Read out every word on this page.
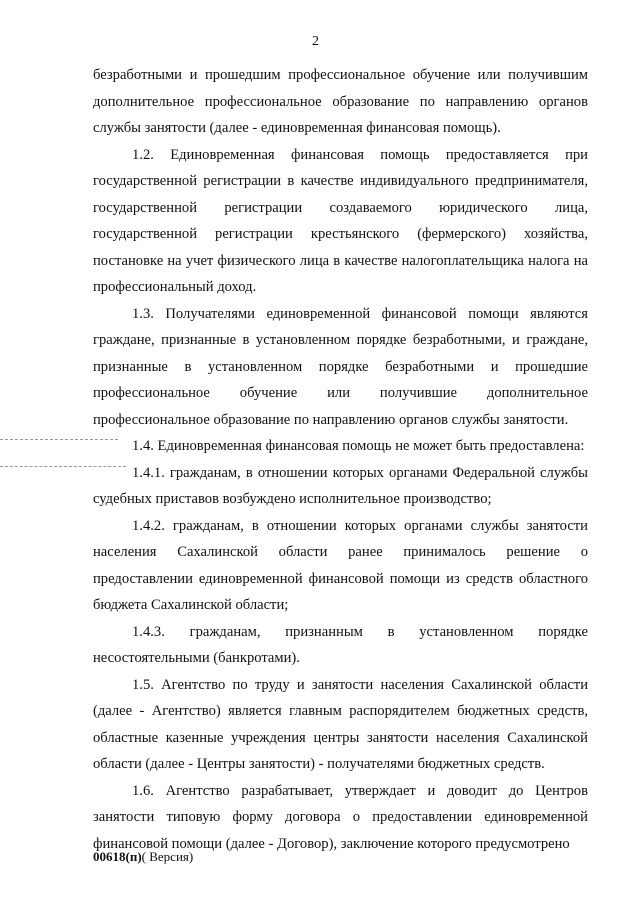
2

безработными и прошедшим профессиональное обучение или получившим дополнительное профессиональное образование по направлению органов службы занятости (далее - единовременная финансовая помощь).

1.2. Единовременная финансовая помощь предоставляется при государственной регистрации в качестве индивидуального предпринимателя, государственной регистрации создаваемого юридического лица, государственной регистрации крестьянского (фермерского) хозяйства, постановке на учет физического лица в качестве налогоплательщика налога на профессиональный доход.

1.3. Получателями единовременной финансовой помощи являются граждане, признанные в установленном порядке безработными, и граждане, признанные в установленном порядке безработными и прошедшие профессиональное обучение или получившие дополнительное профессиональное образование по направлению органов службы занятости.

1.4. Единовременная финансовая помощь не может быть предоставлена:

1.4.1. гражданам, в отношении которых органами Федеральной службы судебных приставов возбуждено исполнительное производство;

1.4.2. гражданам, в отношении которых органами службы занятости населения Сахалинской области ранее принималось решение о предоставлении единовременной финансовой помощи из средств областного бюджета Сахалинской области;

1.4.3. гражданам, признанным в установленном порядке несостоятельными (банкротами).

1.5. Агентство по труду и занятости населения Сахалинской области (далее - Агентство) является главным распорядителем бюджетных средств, областные казенные учреждения центры занятости населения Сахалинской области (далее - Центры занятости) - получателями бюджетных средств.

1.6. Агентство разрабатывает, утверждает и доводит до Центров занятости типовую форму договора о предоставлении единовременной финансовой помощи (далее - Договор), заключение которого предусмотрено

00618(п)( Версия)
